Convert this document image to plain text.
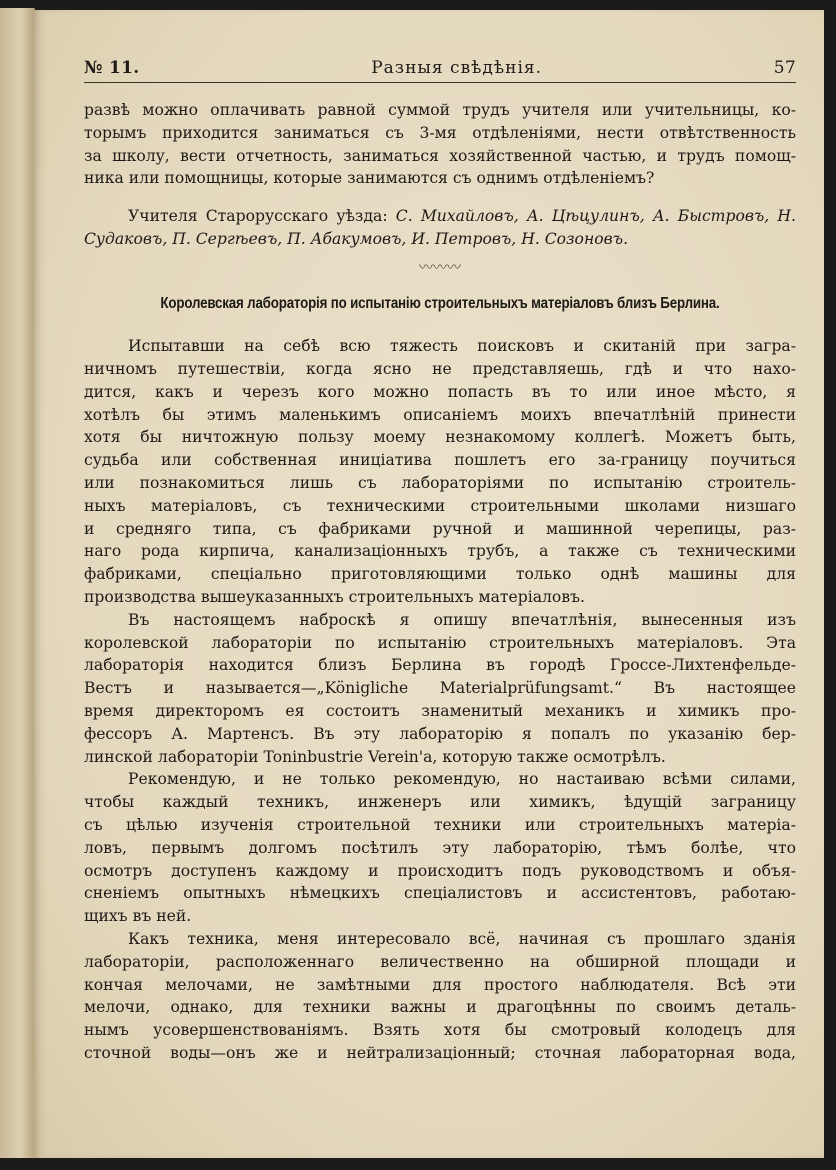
№ 11.	Разныя свѣдѣнія.	57
развѣ можно оплачивать равной суммой трудъ учителя или учительницы, ко-
торымъ приходится заниматься съ 3-мя отдѣленіями, нести отвѣтственность
за школу, вести отчетность, заниматься хозяйственной частью, и трудъ помощ-
ника или помощницы, которые занимаются съ однимъ отдѣленіемъ?
Учителя Старорусскаго уѣзда: С. Михайловъ, А. Цѣцулинъ, А. Быстровъ, Н. Судаковъ, П. Сергѣевъ, П. Абакумовъ, И. Петровъ, Н. Созоновъ.
〰〰〰
Королевская лабораторія по испытанію строительныхъ матеріаловъ близъ Берлина.
Испытавши на себѣ всю тяжесть поисковъ и скитаній при загра-
ничномъ путешествіи, когда ясно не представляешь, гдѣ и что нахо-
дится, какъ и черезъ кого можно попасть въ то или иное мѣсто, я
хотѣлъ бы этимъ маленькимъ описаніемъ моихъ впечатлѣній принести
хотя бы ничтожную пользу моему незнакомому коллегѣ. Можетъ быть,
судьба или собственная иниціатива пошлетъ его за-границу поучиться
или познакомиться лишь съ лабораторіями по испытанію строитель-
ныхъ матеріаловъ, съ техническими строительными школами низшаго
и средняго типа, съ фабриками ручной и машинной черепицы, раз-
наго рода кирпича, канализаціонныхъ трубъ, а также съ техническими
фабриками, спеціально приготовляющими только однѣ машины для
производства вышеуказанныхъ строительныхъ матеріаловъ.
Въ настоящемъ наброскѣ я опишу впечатлѣнія, вынесенныя изъ
королевской лабораторіи по испытанію строительныхъ матеріаловъ. Эта
лабораторія находится близъ Берлина въ городѣ Гроссе-Лихтенфельде-
Вестъ и называется—„Königliche Materialprüfungsamt.“ Въ настоящее
время директоромъ ея состоитъ знаменитый механикъ и химикъ про-
фессоръ А. Мартенсъ. Въ эту лабораторію я попалъ по указанію бер-
линской лабораторіи Toninbustrie Verein'a, которую также осмотрѣлъ.
Рекомендую, и не только рекомендую, но настаиваю всѣми силами,
чтобы каждый техникъ, инженеръ или химикъ, ѣдущій заграницу
съ цѣлью изученія строительной техники или строительныхъ матеріа-
ловъ, первымъ долгомъ посѣтилъ эту лабораторію, тѣмъ болѣе, что
осмотръ доступенъ каждому и происходитъ подъ руководствомъ и объя-
сненіемъ опытныхъ нѣмецкихъ спеціалистовъ и ассистентовъ, работаю-
щихъ въ ней.
Какъ техника, меня интересовало всё, начиная съ прошлаго зданія
лабораторіи, расположеннаго величественно на обширной площади и
кончая мелочами, не замѣтными для простого наблюдателя. Всѣ эти
мелочи, однако, для техники важны и драгоцѣнны по своимъ деталь-
нымъ усовершенствованіямъ. Взять хотя бы смотровый колодецъ для
сточной воды—онъ же и нейтрализаціонный; сточная лабораторная вода,
